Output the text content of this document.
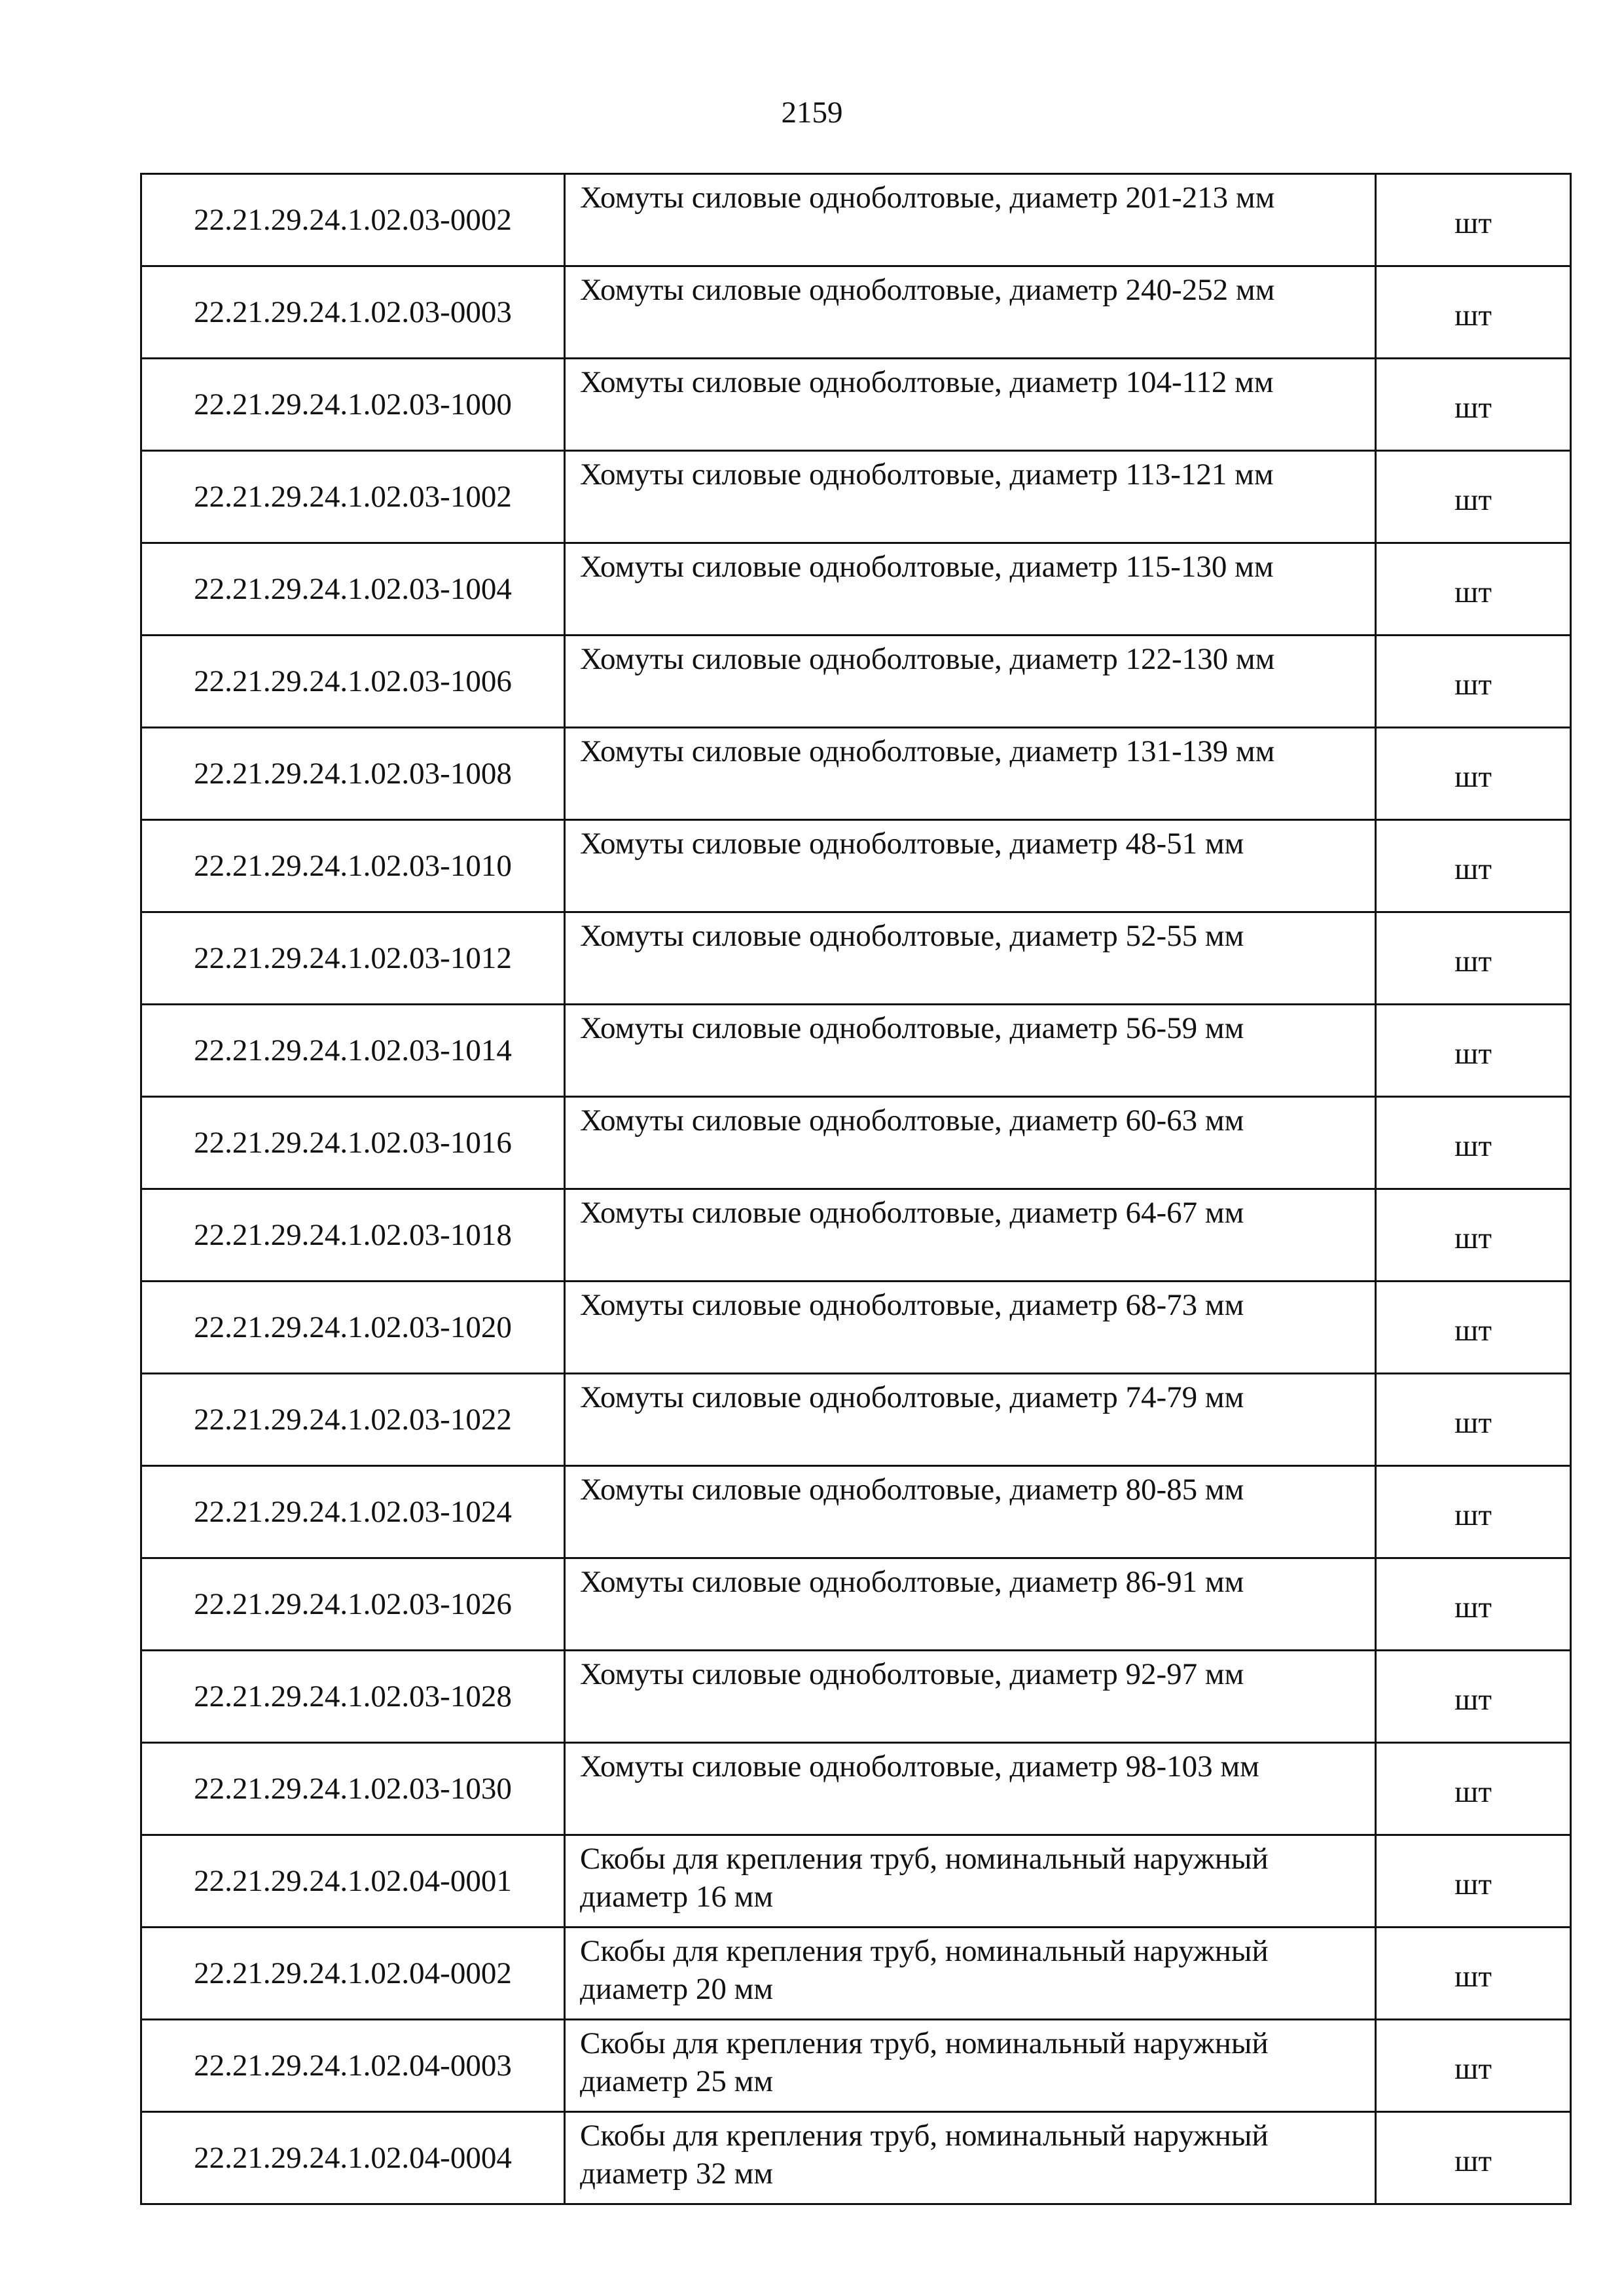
2159
22.21.29.24.1.02.03-0002	Хомуты силовые одноболтовые, диаметр 201-213 мм	шт
22.21.29.24.1.02.03-0003	Хомуты силовые одноболтовые, диаметр 240-252 мм	шт
22.21.29.24.1.02.03-1000	Хомуты силовые одноболтовые, диаметр 104-112 мм	шт
22.21.29.24.1.02.03-1002	Хомуты силовые одноболтовые, диаметр 113-121 мм	шт
22.21.29.24.1.02.03-1004	Хомуты силовые одноболтовые, диаметр 115-130 мм	шт
22.21.29.24.1.02.03-1006	Хомуты силовые одноболтовые, диаметр 122-130 мм	шт
22.21.29.24.1.02.03-1008	Хомуты силовые одноболтовые, диаметр 131-139 мм	шт
22.21.29.24.1.02.03-1010	Хомуты силовые одноболтовые, диаметр 48-51 мм	шт
22.21.29.24.1.02.03-1012	Хомуты силовые одноболтовые, диаметр 52-55 мм	шт
22.21.29.24.1.02.03-1014	Хомуты силовые одноболтовые, диаметр 56-59 мм	шт
22.21.29.24.1.02.03-1016	Хомуты силовые одноболтовые, диаметр 60-63 мм	шт
22.21.29.24.1.02.03-1018	Хомуты силовые одноболтовые, диаметр 64-67 мм	шт
22.21.29.24.1.02.03-1020	Хомуты силовые одноболтовые, диаметр 68-73 мм	шт
22.21.29.24.1.02.03-1022	Хомуты силовые одноболтовые, диаметр 74-79 мм	шт
22.21.29.24.1.02.03-1024	Хомуты силовые одноболтовые, диаметр 80-85 мм	шт
22.21.29.24.1.02.03-1026	Хомуты силовые одноболтовые, диаметр 86-91 мм	шт
22.21.29.24.1.02.03-1028	Хомуты силовые одноболтовые, диаметр 92-97 мм	шт
22.21.29.24.1.02.03-1030	Хомуты силовые одноболтовые, диаметр 98-103 мм	шт
22.21.29.24.1.02.04-0001	Скобы для крепления труб, номинальный наружный диаметр 16 мм	шт
22.21.29.24.1.02.04-0002	Скобы для крепления труб, номинальный наружный диаметр 20 мм	шт
22.21.29.24.1.02.04-0003	Скобы для крепления труб, номинальный наружный диаметр 25 мм	шт
22.21.29.24.1.02.04-0004	Скобы для крепления труб, номинальный наружный диаметр 32 мм	шт
